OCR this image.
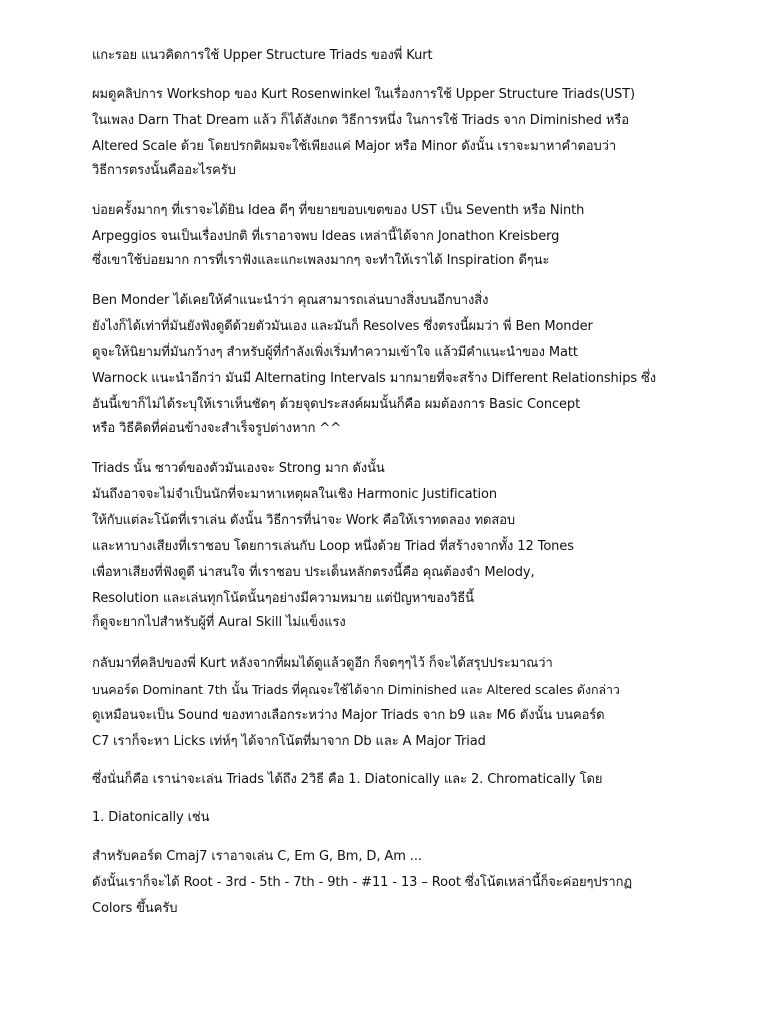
แกะรอย แนวคิดการใช้ Upper Structure Triads ของพี่ Kurt
ผมดูคลิปการ Workshop ของ Kurt Rosenwinkel ในเรื่องการใช้ Upper Structure Triads(UST)
ในเพลง Darn That Dream แล้ว ก็ได้สังเกต วิธีการหนึ่ง ในการใช้ Triads จาก Diminished หรือ
Altered Scale ด้วย โดยปรกติผมจะใช้เพียงแค่ Major หรือ Minor ดังนั้น เราจะมาหาคำตอบว่า
วิธีการตรงนั้นคืออะไรครับ
บ่อยครั้งมากๆ ที่เราจะได้ยิน Idea ดีๆ ที่ขยายขอบเขตของ UST เป็น Seventh หรือ Ninth
Arpeggios จนเป็นเรื่องปกติ ที่เราอาจพบ Ideas เหล่านี้ได้จาก Jonathon Kreisberg
ซึ่งเขาใช้บ่อยมาก การที่เราฟังและแกะเพลงมากๆ จะทำให้เราได้ Inspiration ดีๆนะ
Ben Monder ได้เคยให้คำแนะนำว่า คุณสามารถเล่นบางสิ่งบนอีกบางสิ่ง
ยังไงก็ได้เท่าที่มันยังฟังดูดีด้วยตัวมันเอง และมันก็ Resolves ซึ่งตรงนี้ผมว่า พี่ Ben Monder
ดูจะให้นิยามที่มันกว้างๆ สำหรับผู้ที่กำลังเพิ่งเริ่มทำความเข้าใจ แล้วมีคำแนะนำของ Matt
Warnock แนะนำอีกว่า มันมี Alternating Intervals มากมายที่จะสร้าง Different Relationships ซึ่ง
อันนี้เขาก็ไม่ได้ระบุให้เราเห็นชัดๆ ด้วยจุดประสงค์ผมนั้นก็คือ ผมต้องการ Basic Concept
หรือ วิธีคิดที่ค่อนข้างจะสำเร็จรูปต่างหาก ^^
Triads นั้น ซาวด์ของตัวมันเองจะ Strong มาก ดังนั้น
มันถึงอาจจะไม่จำเป็นนักที่จะมาหาเหตุผลในเชิง Harmonic Justification
ให้กับแต่ละโน้ตที่เราเล่น ดังนั้น วิธีการที่น่าจะ Work คือให้เราทดลอง ทดสอบ
และหาบางเสียงที่เราชอบ โดยการเล่นกับ Loop หนึ่งด้วย Triad ที่สร้างจากทั้ง 12 Tones
เพื่อหาเสียงที่ฟังดูดี น่าสนใจ ที่เราชอบ ประเด็นหลักตรงนี้คือ คุณต้องจำ Melody,
Resolution และเล่นทุกโน้ตนั้นๆอย่างมีความหมาย แต่ปัญหาของวิธีนี้
ก็ดูจะยากไปสำหรับผู้ที่ Aural Skill ไม่แข็งแรง
กลับมาที่คลิปของพี่ Kurt หลังจากที่ผมได้ดูแล้วดูอีก ก็จดๆๆไว้ ก็จะได้สรุปประมาณว่า
บนคอร์ด Dominant 7th นั้น Triads ที่คุณจะใช้ได้จาก Diminished และ Altered scales ดังกล่าว
ดูเหมือนจะเป็น Sound ของทางเลือกระหว่าง Major Triads จาก b9 และ M6 ดังนั้น บนคอร์ด
C7 เราก็จะหา Licks เท่ห์ๆ ได้จากโน้ตที่มาจาก Db และ A Major Triad
ซึ่งนั่นก็คือ เราน่าจะเล่น Triads ได้ถึง 2วิธี คือ 1. Diatonically และ 2. Chromatically โดย
1. Diatonically เช่น
สำหรับคอร์ด Cmaj7 เราอาจเล่น C, Em G, Bm, D, Am ...
ดังนั้นเราก็จะได้ Root - 3rd - 5th - 7th - 9th - #11 - 13 – Root ซึ่งโน้ตเหล่านี้ก็จะค่อยๆปรากฏ
Colors ขึ้นครับ
